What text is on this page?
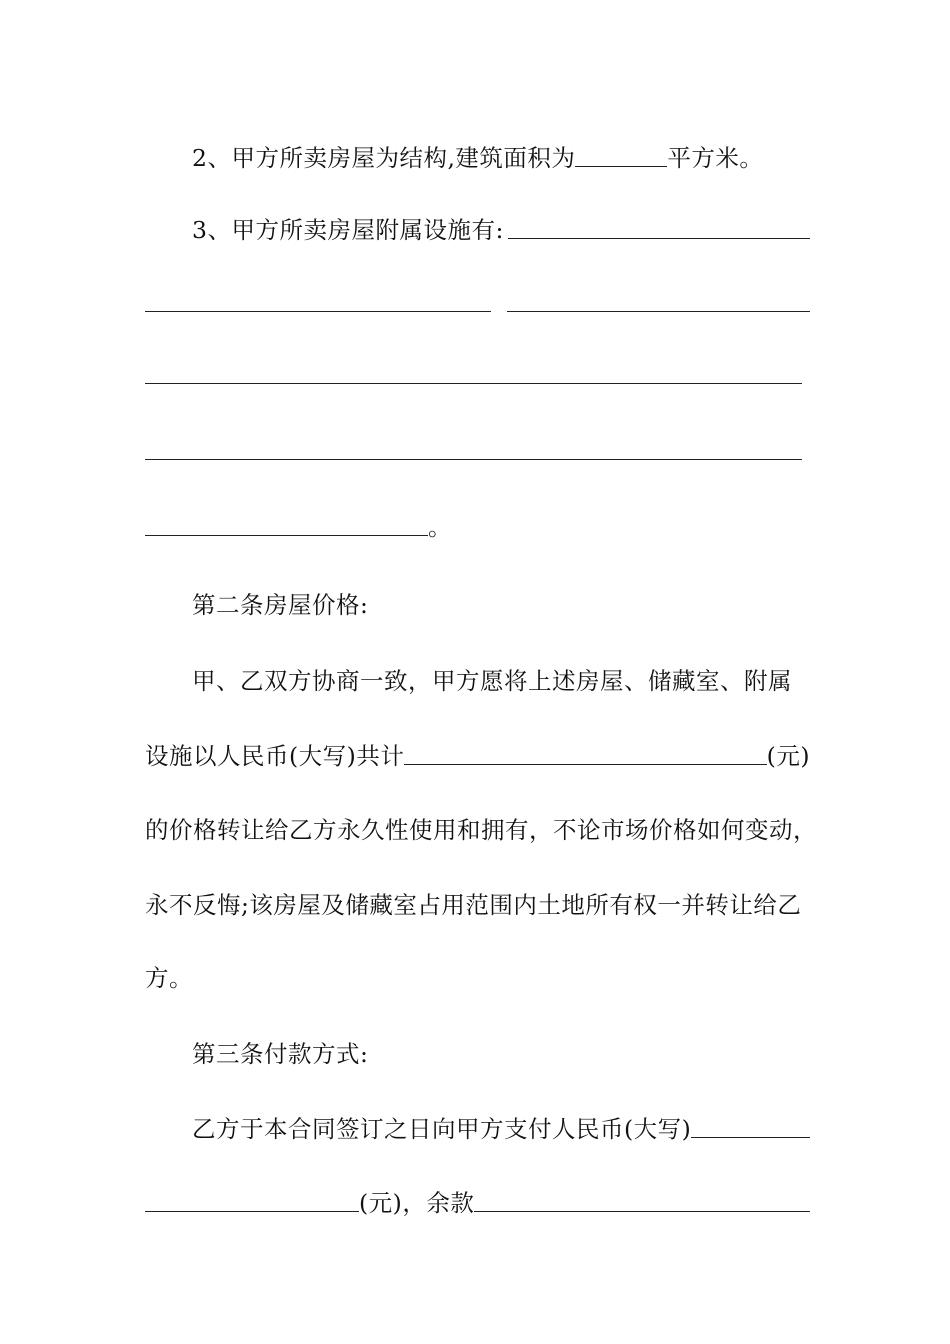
2、甲方所卖房屋为结构,建筑面积为	平方米。
3、甲方所卖房屋附属设施有:
。
第二条房屋价格:
甲、乙双方协商一致，甲方愿将上述房屋、储藏室、附属
设施以人民币(大写)共计	(元)
的价格转让给乙方永久性使用和拥有，不论市场价格如何变动，
永不反悔;该房屋及储藏室占用范围内土地所有权一并转让给乙
方。
第三条付款方式:
乙方于本合同签订之日向甲方支付人民币(大写)
(元)，余款
